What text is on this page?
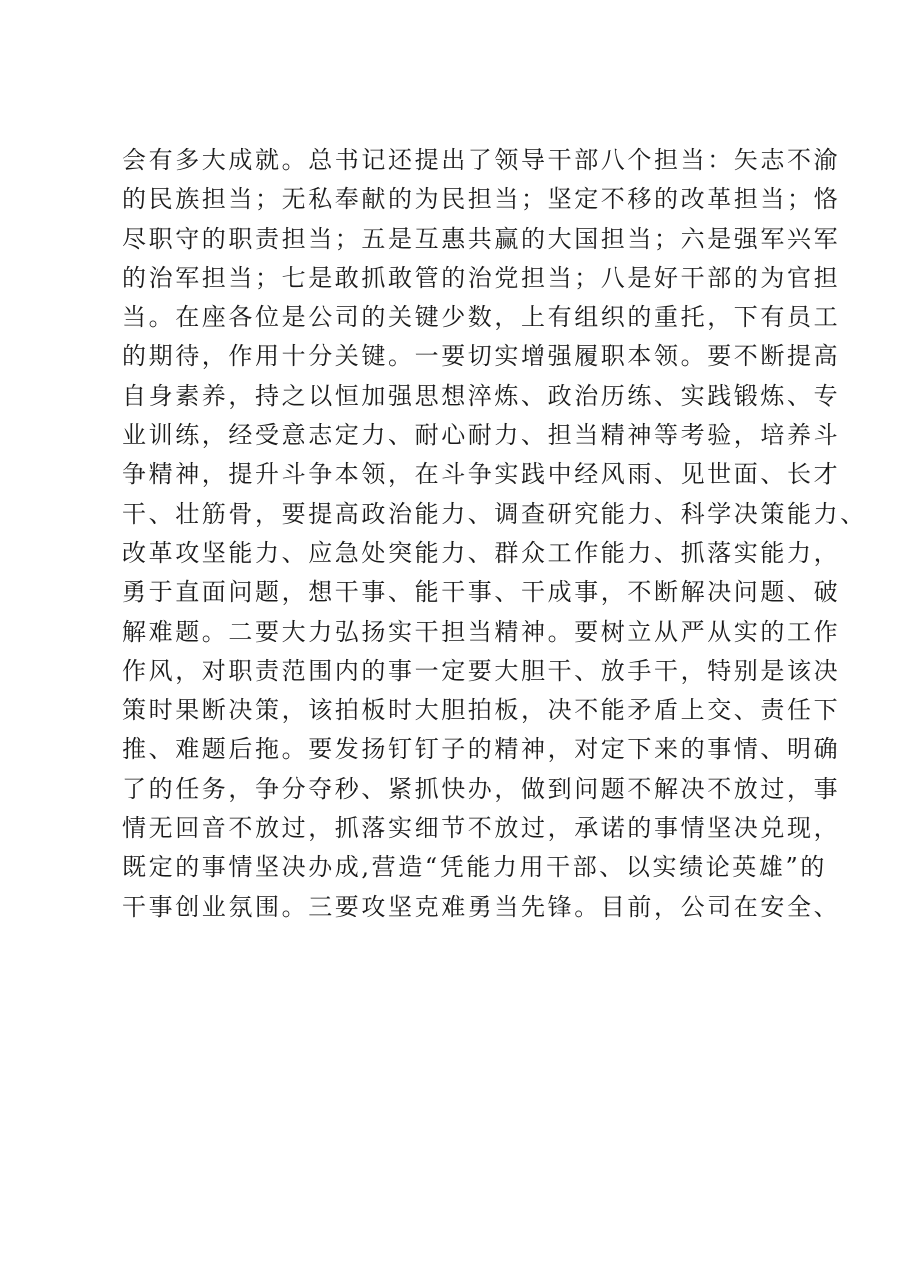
会有多大成就。总书记还提出了领导干部八个担当：矢志不渝
的民族担当；无私奉献的为民担当；坚定不移的改革担当；恪
尽职守的职责担当；五是互惠共赢的大国担当；六是强军兴军
的治军担当；七是敢抓敢管的治党担当；八是好干部的为官担
当。在座各位是公司的关键少数，上有组织的重托，下有员工
的期待，作用十分关键。一要切实增强履职本领。要不断提高
自身素养，持之以恒加强思想淬炼、政治历练、实践锻炼、专
业训练，经受意志定力、耐心耐力、担当精神等考验，培养斗
争精神，提升斗争本领，在斗争实践中经风雨、见世面、长才
干、壮筋骨，要提高政治能力、调查研究能力、科学决策能力、
改革攻坚能力、应急处突能力、群众工作能力、抓落实能力，
勇于直面问题，想干事、能干事、干成事，不断解决问题、破
解难题。二要大力弘扬实干担当精神。要树立从严从实的工作
作风，对职责范围内的事一定要大胆干、放手干，特别是该决
策时果断决策，该拍板时大胆拍板，决不能矛盾上交、责任下
推、难题后拖。要发扬钉钉子的精神，对定下来的事情、明确
了的任务，争分夺秒、紧抓快办，做到问题不解决不放过，事
情无回音不放过，抓落实细节不放过，承诺的事情坚决兑现，
既定的事情坚决办成,营造“凭能力用干部、以实绩论英雄”的
干事创业氛围。三要攻坚克难勇当先锋。目前，公司在安全、
